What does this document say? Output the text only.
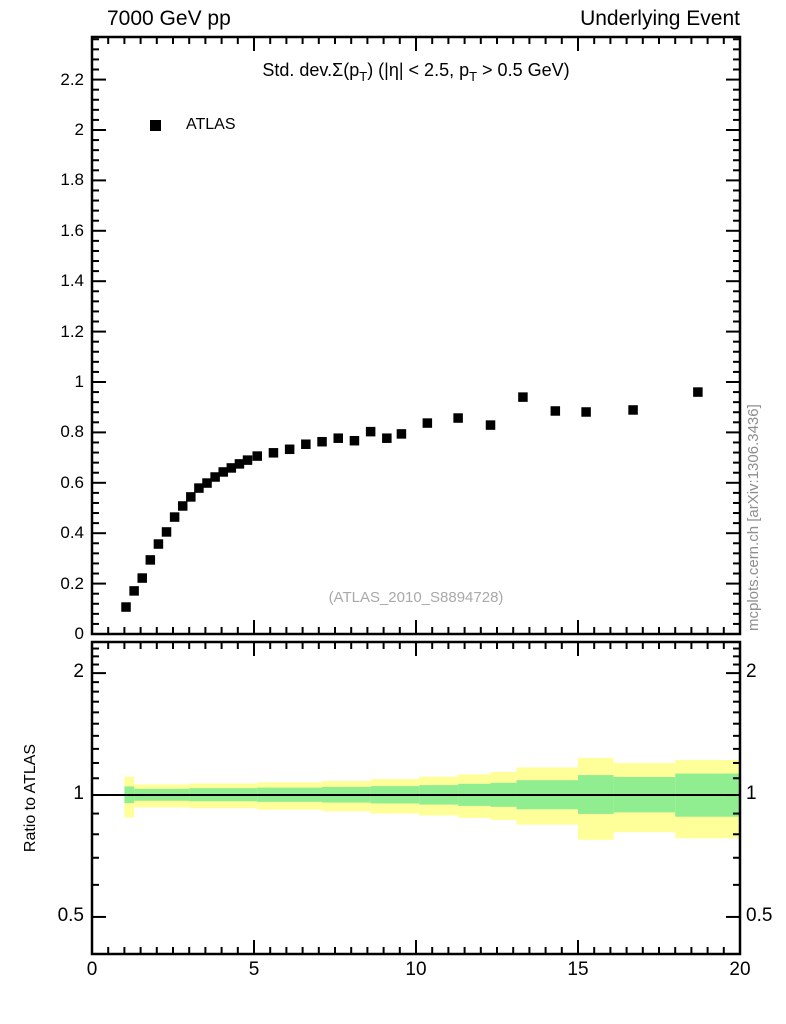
7000 GeV pp	Underlying Event
Std. $dev.\Sigma(p_T) (|\eta| < 2.5$, $p_T > 0.5$ GeV)
ATLAS
(ATLAS_2010_S8894728)	mcplots.cern.ch [arXiv:1306.3436]
Ratio to ATLAS
0
0.2
0.4
0.6
0.8
1
1.2
1.4
1.6
1.8
2
2.2
0	5	10	15	20
0.5	0.5
1	1
2	2
